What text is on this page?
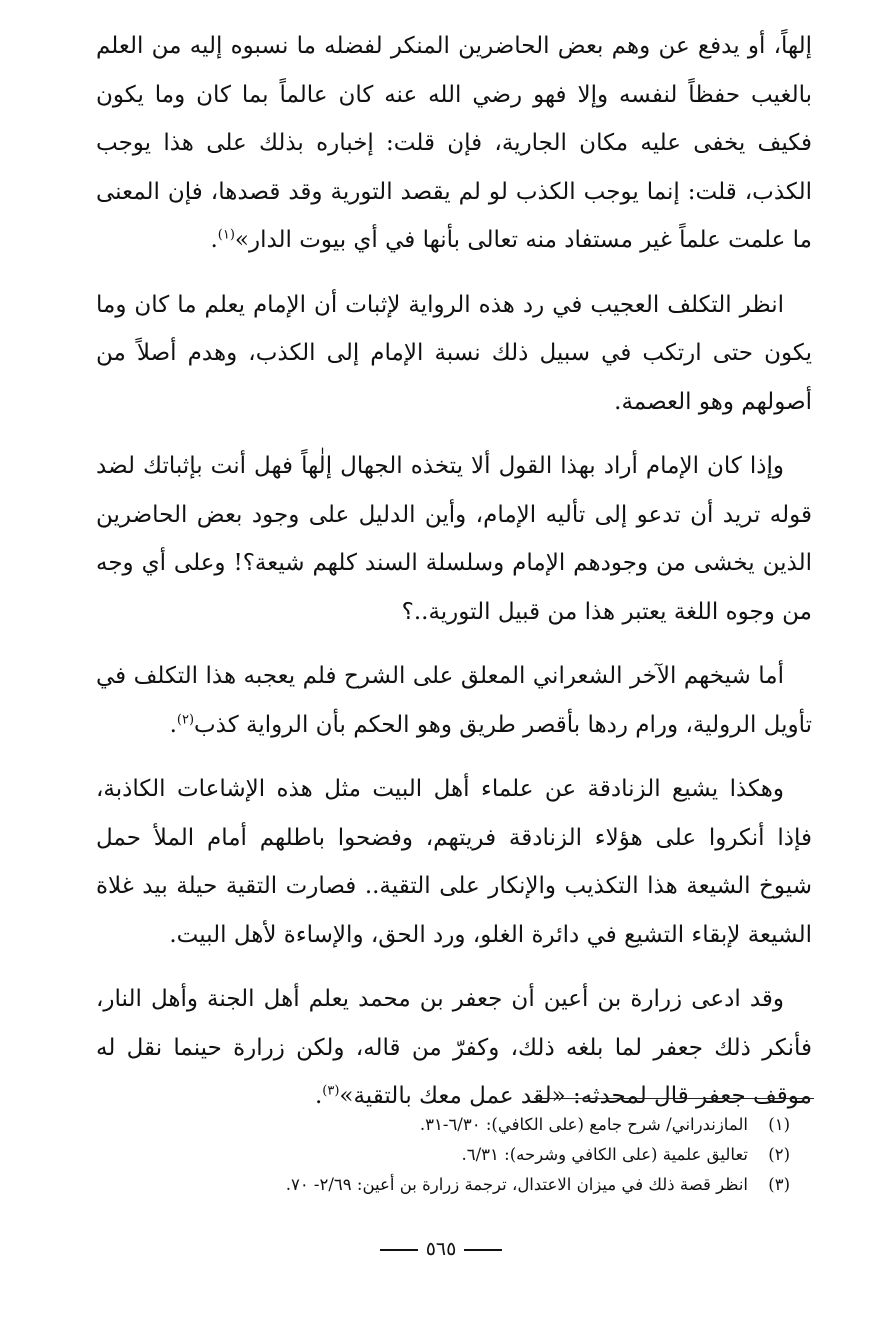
إلهاً، أو يدفع عن وهم بعض الحاضرين المنكر لفضله ما نسبوه إليه من العلم بالغيب حفظاً لنفسه وإلا فهو رضي الله عنه كان عالماً بما كان وما يكون فكيف يخفى عليه مكان الجارية، فإن قلت: إخباره بذلك على هذا يوجب الكذب، قلت: إنما يوجب الكذب لو لم يقصد التورية وقد قصدها، فإن المعنى ما علمت علماً غير مستفاد منه تعالى بأنها في أي بيوت الدار»$^{(١)}$.

انظر التكلف العجيب في رد هذه الرواية لإثبات أن الإمام يعلم ما كان وما يكون حتى ارتكب في سبيل ذلك نسبة الإمام إلى الكذب، وهدم أصلاً من أصولهم وهو العصمة.

وإذا كان الإمام أراد بهذا القول ألا يتخذه الجهال إلٰهاً فهل أنت بإثباتك لضد قوله تريد أن تدعو إلى تأليه الإمام، وأين الدليل على وجود بعض الحاضرين الذين يخشى من وجودهم الإمام وسلسلة السند كلهم شيعة؟! وعلى أي وجه من وجوه اللغة يعتبر هذا من قبيل التورية..؟

أما شيخهم الآخر الشعراني المعلق على الشرح فلم يعجبه هذا التكلف في تأويل الرولية، ورام ردها بأقصر طريق وهو الحكم بأن الرواية كذب$^{(٢)}$.

وهكذا يشيع الزنادقة عن علماء أهل البيت مثل هذه الإشاعات الكاذبة، فإذا أنكروا على هؤلاء الزنادقة فريتهم، وفضحوا باطلهم أمام الملأ حمل شيوخ الشيعة هذا التكذيب والإنكار على التقية.. فصارت التقية حيلة بيد غلاة الشيعة لإبقاء التشيع في دائرة الغلو، ورد الحق، والإساءة لأهل البيت.

وقد ادعى زرارة بن أعين أن جعفر بن محمد يعلم أهل الجنة وأهل النار، فأنكر ذلك جعفر لما بلغه ذلك، وكفرّ من قاله، ولكن زرارة حينما نقل له موقف جعفر قال لمحدثه: «لقد عمل معك بالتقية»$^{(٣)}$.

(١)
المازندراني/ شرح جامع (على الكافي): ٦/٣٠-٣١.
(٢)
تعاليق علمية (على الكافي وشرحه): ٦/٣١.
(٣)
انظر قصة ذلك في ميزان الاعتدال، ترجمة زرارة بن أعين: ٢/٦٩- ٧٠.
٥٦٥
